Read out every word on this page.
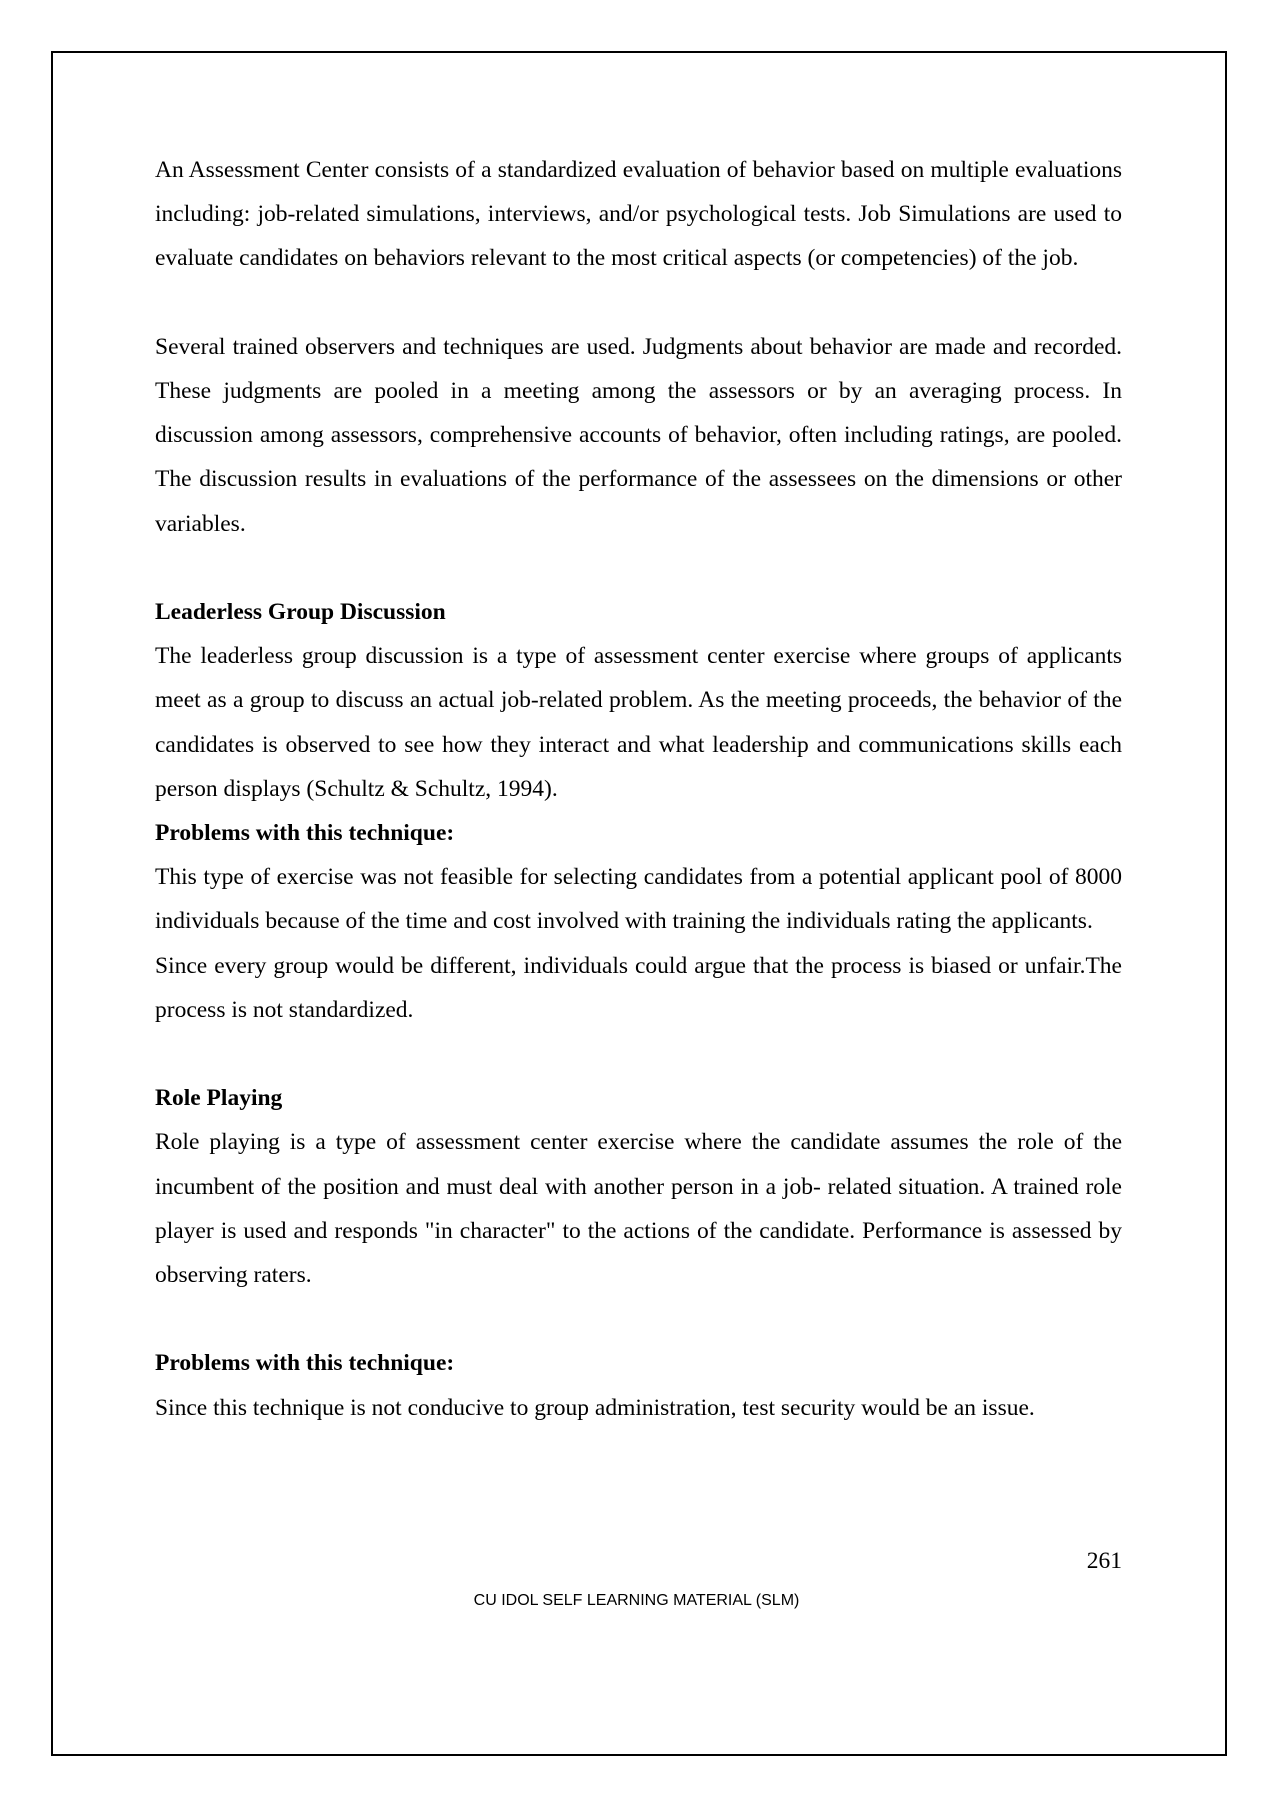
An Assessment Center consists of a standardized evaluation of behavior based on multiple evaluations including: job-related simulations, interviews, and/or psychological tests. Job Simulations are used to evaluate candidates on behaviors relevant to the most critical aspects (or competencies) of the job.

Several trained observers and techniques are used. Judgments about behavior are made and recorded. These judgments are pooled in a meeting among the assessors or by an averaging process. In discussion among assessors, comprehensive accounts of behavior, often including ratings, are pooled. The discussion results in evaluations of the performance of the assessees on the dimensions or other variables.

Leaderless Group Discussion

The leaderless group discussion is a type of assessment center exercise where groups of applicants meet as a group to discuss an actual job-related problem. As the meeting proceeds, the behavior of the candidates is observed to see how they interact and what leadership and communications skills each person displays (Schultz & Schultz, 1994).

Problems with this technique:

This type of exercise was not feasible for selecting candidates from a potential applicant pool of 8000 individuals because of the time and cost involved with training the individuals rating the applicants.

Since every group would be different, individuals could argue that the process is biased or unfair.The process is not standardized.

Role Playing

Role playing is a type of assessment center exercise where the candidate assumes the role of the incumbent of the position and must deal with another person in a job- related situation. A trained role player is used and responds "in character" to the actions of the candidate. Performance is assessed by observing raters.

Problems with this technique:

Since this technique is not conducive to group administration, test security would be an issue.

261
CU IDOL SELF LEARNING MATERIAL (SLM)
